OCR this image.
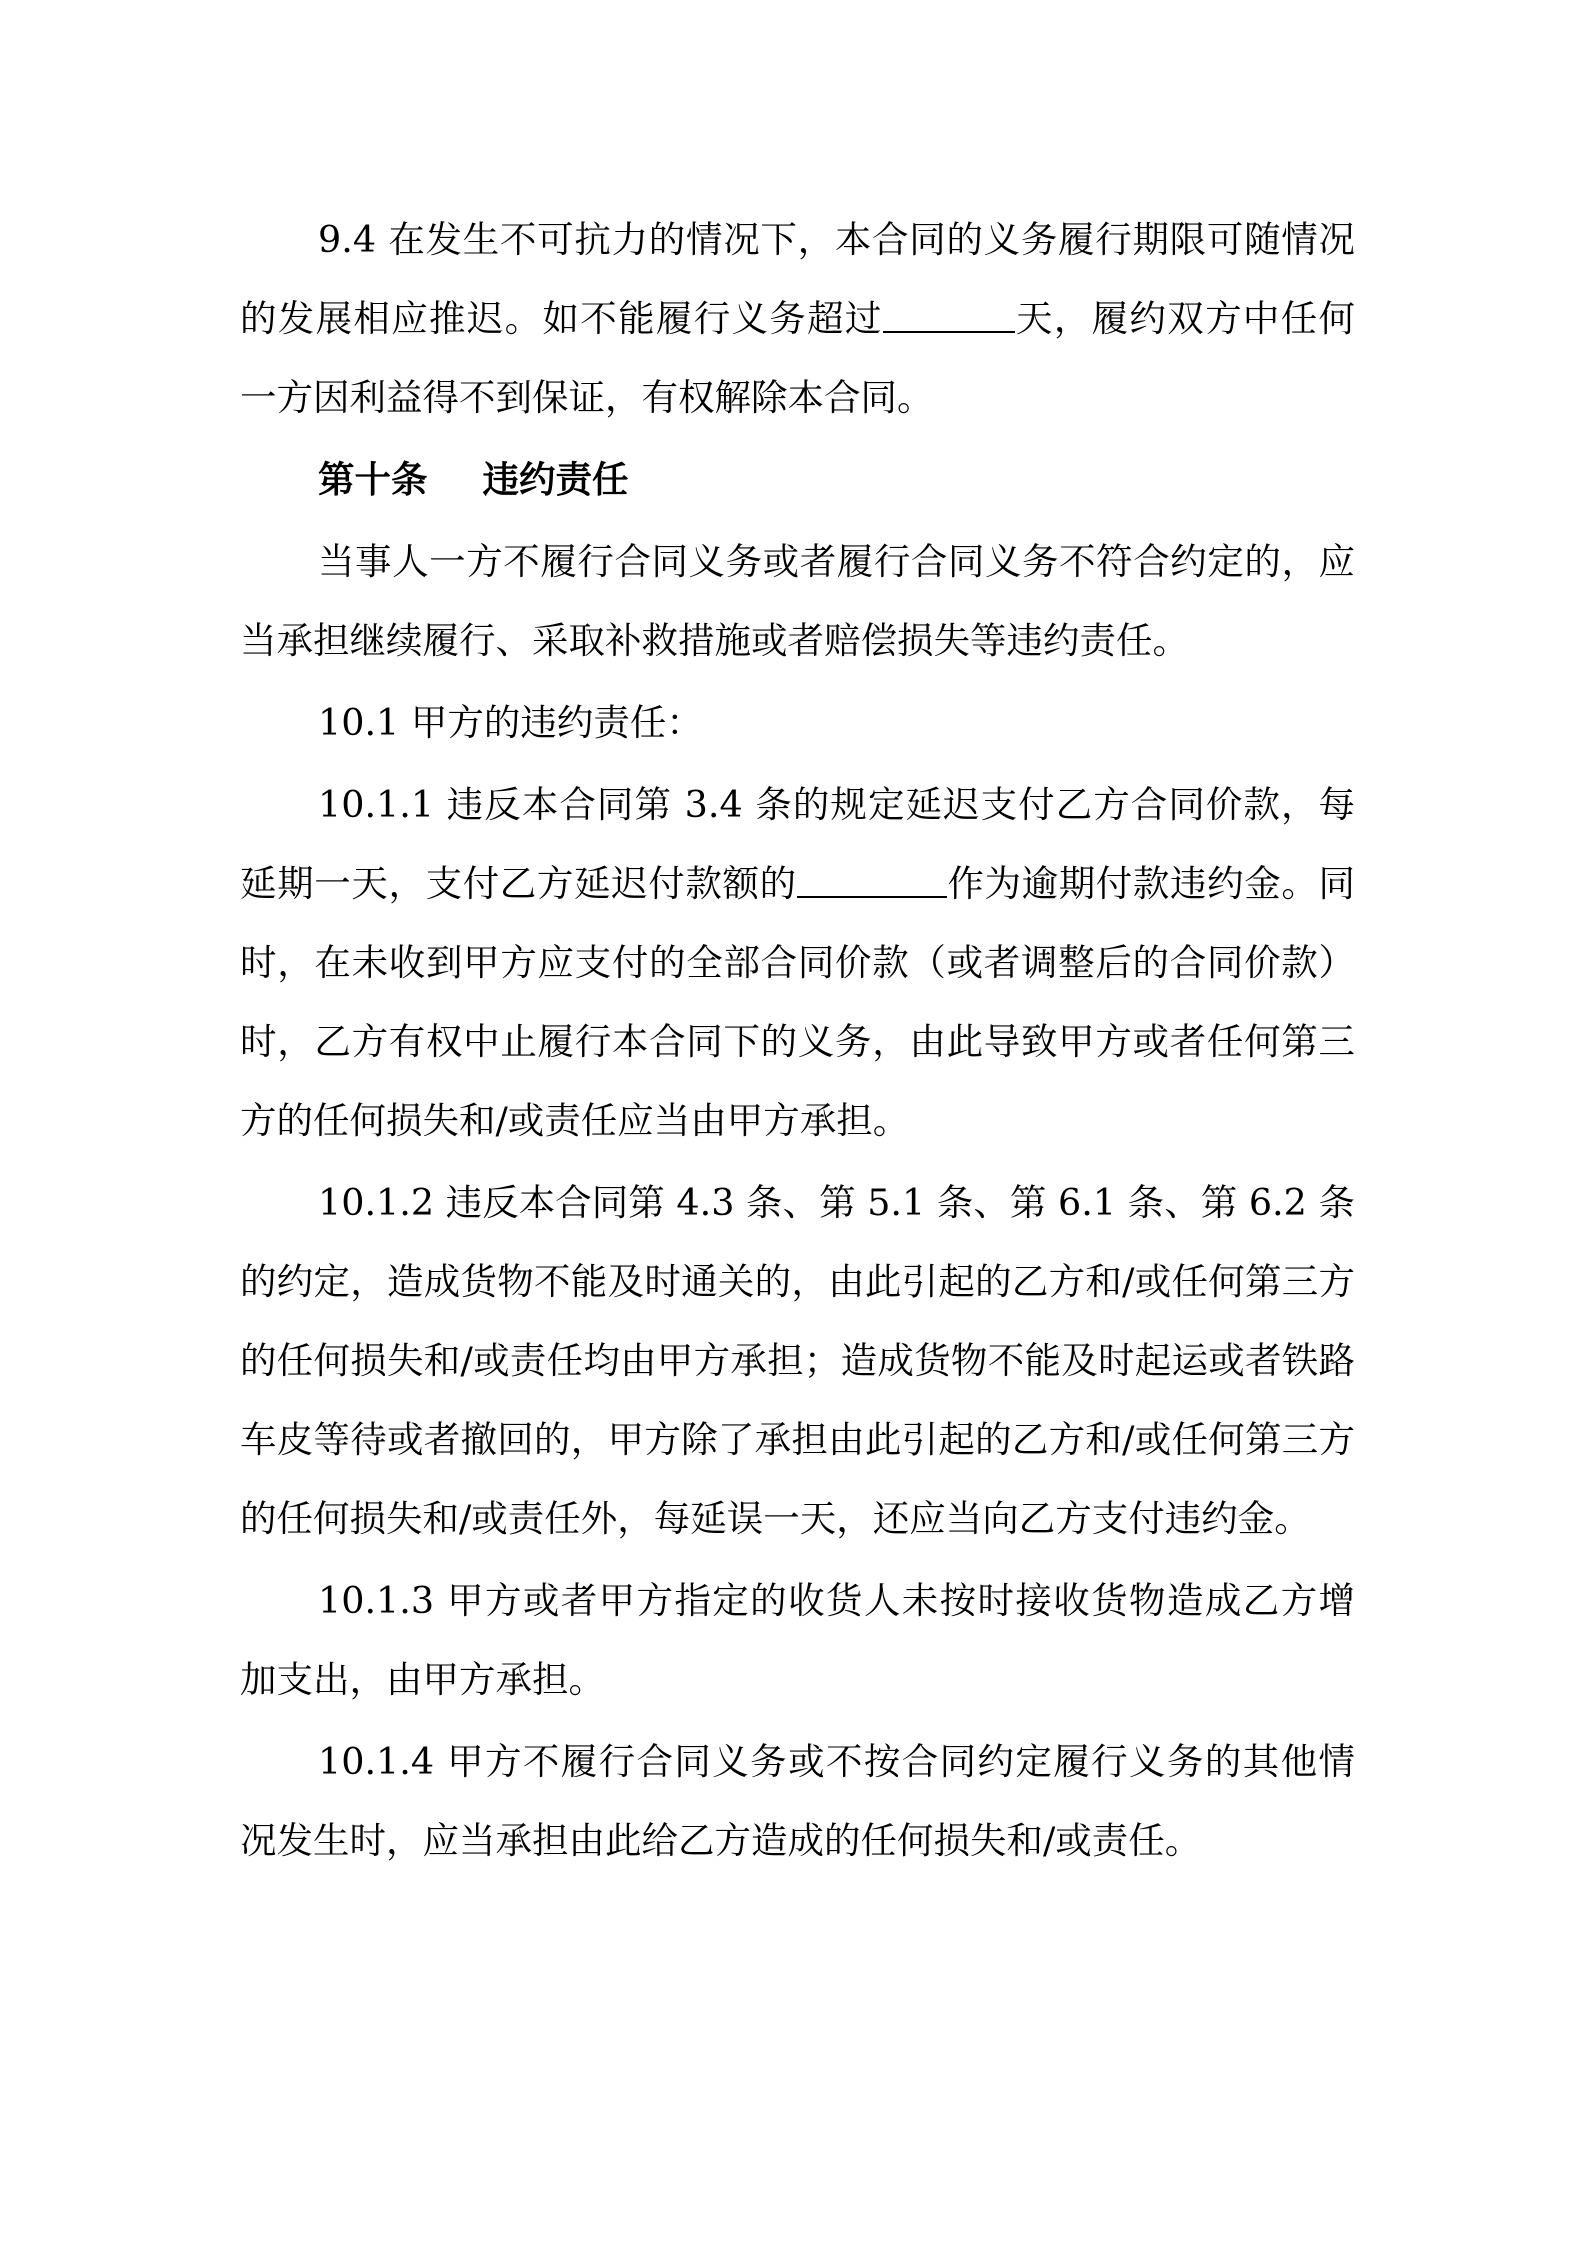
9.4 在发生不可抗力的情况下，本合同的义务履行期限可随情况的发展相应推迟。如不能履行义务超过	天，履约双方中任何一方因利益得不到保证，有权解除本合同。

第十条 违约责任

当事人一方不履行合同义务或者履行合同义务不符合约定的，应当承担继续履行、采取补救措施或者赔偿损失等违约责任。

10.1 甲方的违约责任：

10.1.1 违反本合同第 3.4 条的规定延迟支付乙方合同价款，每延期一天，支付乙方延迟付款额的	作为逾期付款违约金。同时，在未收到甲方应支付的全部合同价款（或者调整后的合同价款）时，乙方有权中止履行本合同下的义务，由此导致甲方或者任何第三方的任何损失和/或责任应当由甲方承担。

10.1.2 违反本合同第 4.3 条、第 5.1 条、第 6.1 条、第 6.2 条的约定，造成货物不能及时通关的，由此引起的乙方和/或任何第三方的任何损失和/或责任均由甲方承担；造成货物不能及时起运或者铁路车皮等待或者撤回的，甲方除了承担由此引起的乙方和/或任何第三方的任何损失和/或责任外，每延误一天，还应当向乙方支付违约金。

10.1.3 甲方或者甲方指定的收货人未按时接收货物造成乙方增加支出，由甲方承担。

10.1.4 甲方不履行合同义务或不按合同约定履行义务的其他情况发生时，应当承担由此给乙方造成的任何损失和/或责任。
